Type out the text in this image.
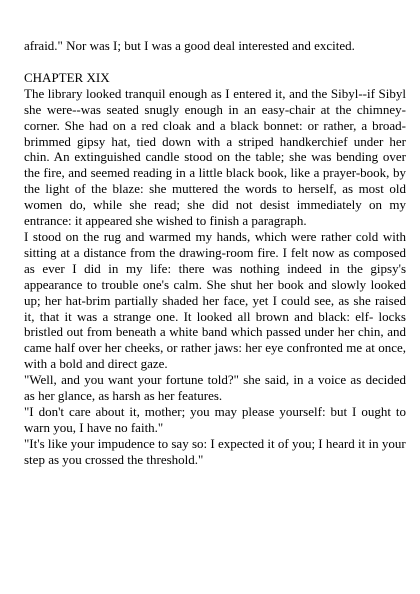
afraid." Nor was I; but I was a good deal interested and excited.

CHAPTER XIX

The library looked tranquil enough as I entered it, and the Sibyl--if Sibyl she were--was seated snugly enough in an easy-chair at the chimney- corner. She had on a red cloak and a black bonnet: or rather, a broad- brimmed gipsy hat, tied down with a striped handkerchief under her chin. An extinguished candle stood on the table; she was bending over the fire, and seemed reading in a little black book, like a prayer-book, by the light of the blaze: she muttered the words to herself, as most old women do, while she read; she did not desist immediately on my entrance: it appeared she wished to finish a paragraph.

I stood on the rug and warmed my hands, which were rather cold with sitting at a distance from the drawing-room fire. I felt now as composed as ever I did in my life: there was nothing indeed in the gipsy's appearance to trouble one's calm. She shut her book and slowly looked up; her hat-brim partially shaded her face, yet I could see, as she raised it, that it was a strange one. It looked all brown and black: elf- locks bristled out from beneath a white band which passed under her chin, and came half over her cheeks, or rather jaws: her eye confronted me at once, with a bold and direct gaze.

"Well, and you want your fortune told?" she said, in a voice as decided as her glance, as harsh as her features.

"I don't care about it, mother; you may please yourself: but I ought to warn you, I have no faith."

"It's like your impudence to say so: I expected it of you; I heard it in your step as you crossed the threshold."
